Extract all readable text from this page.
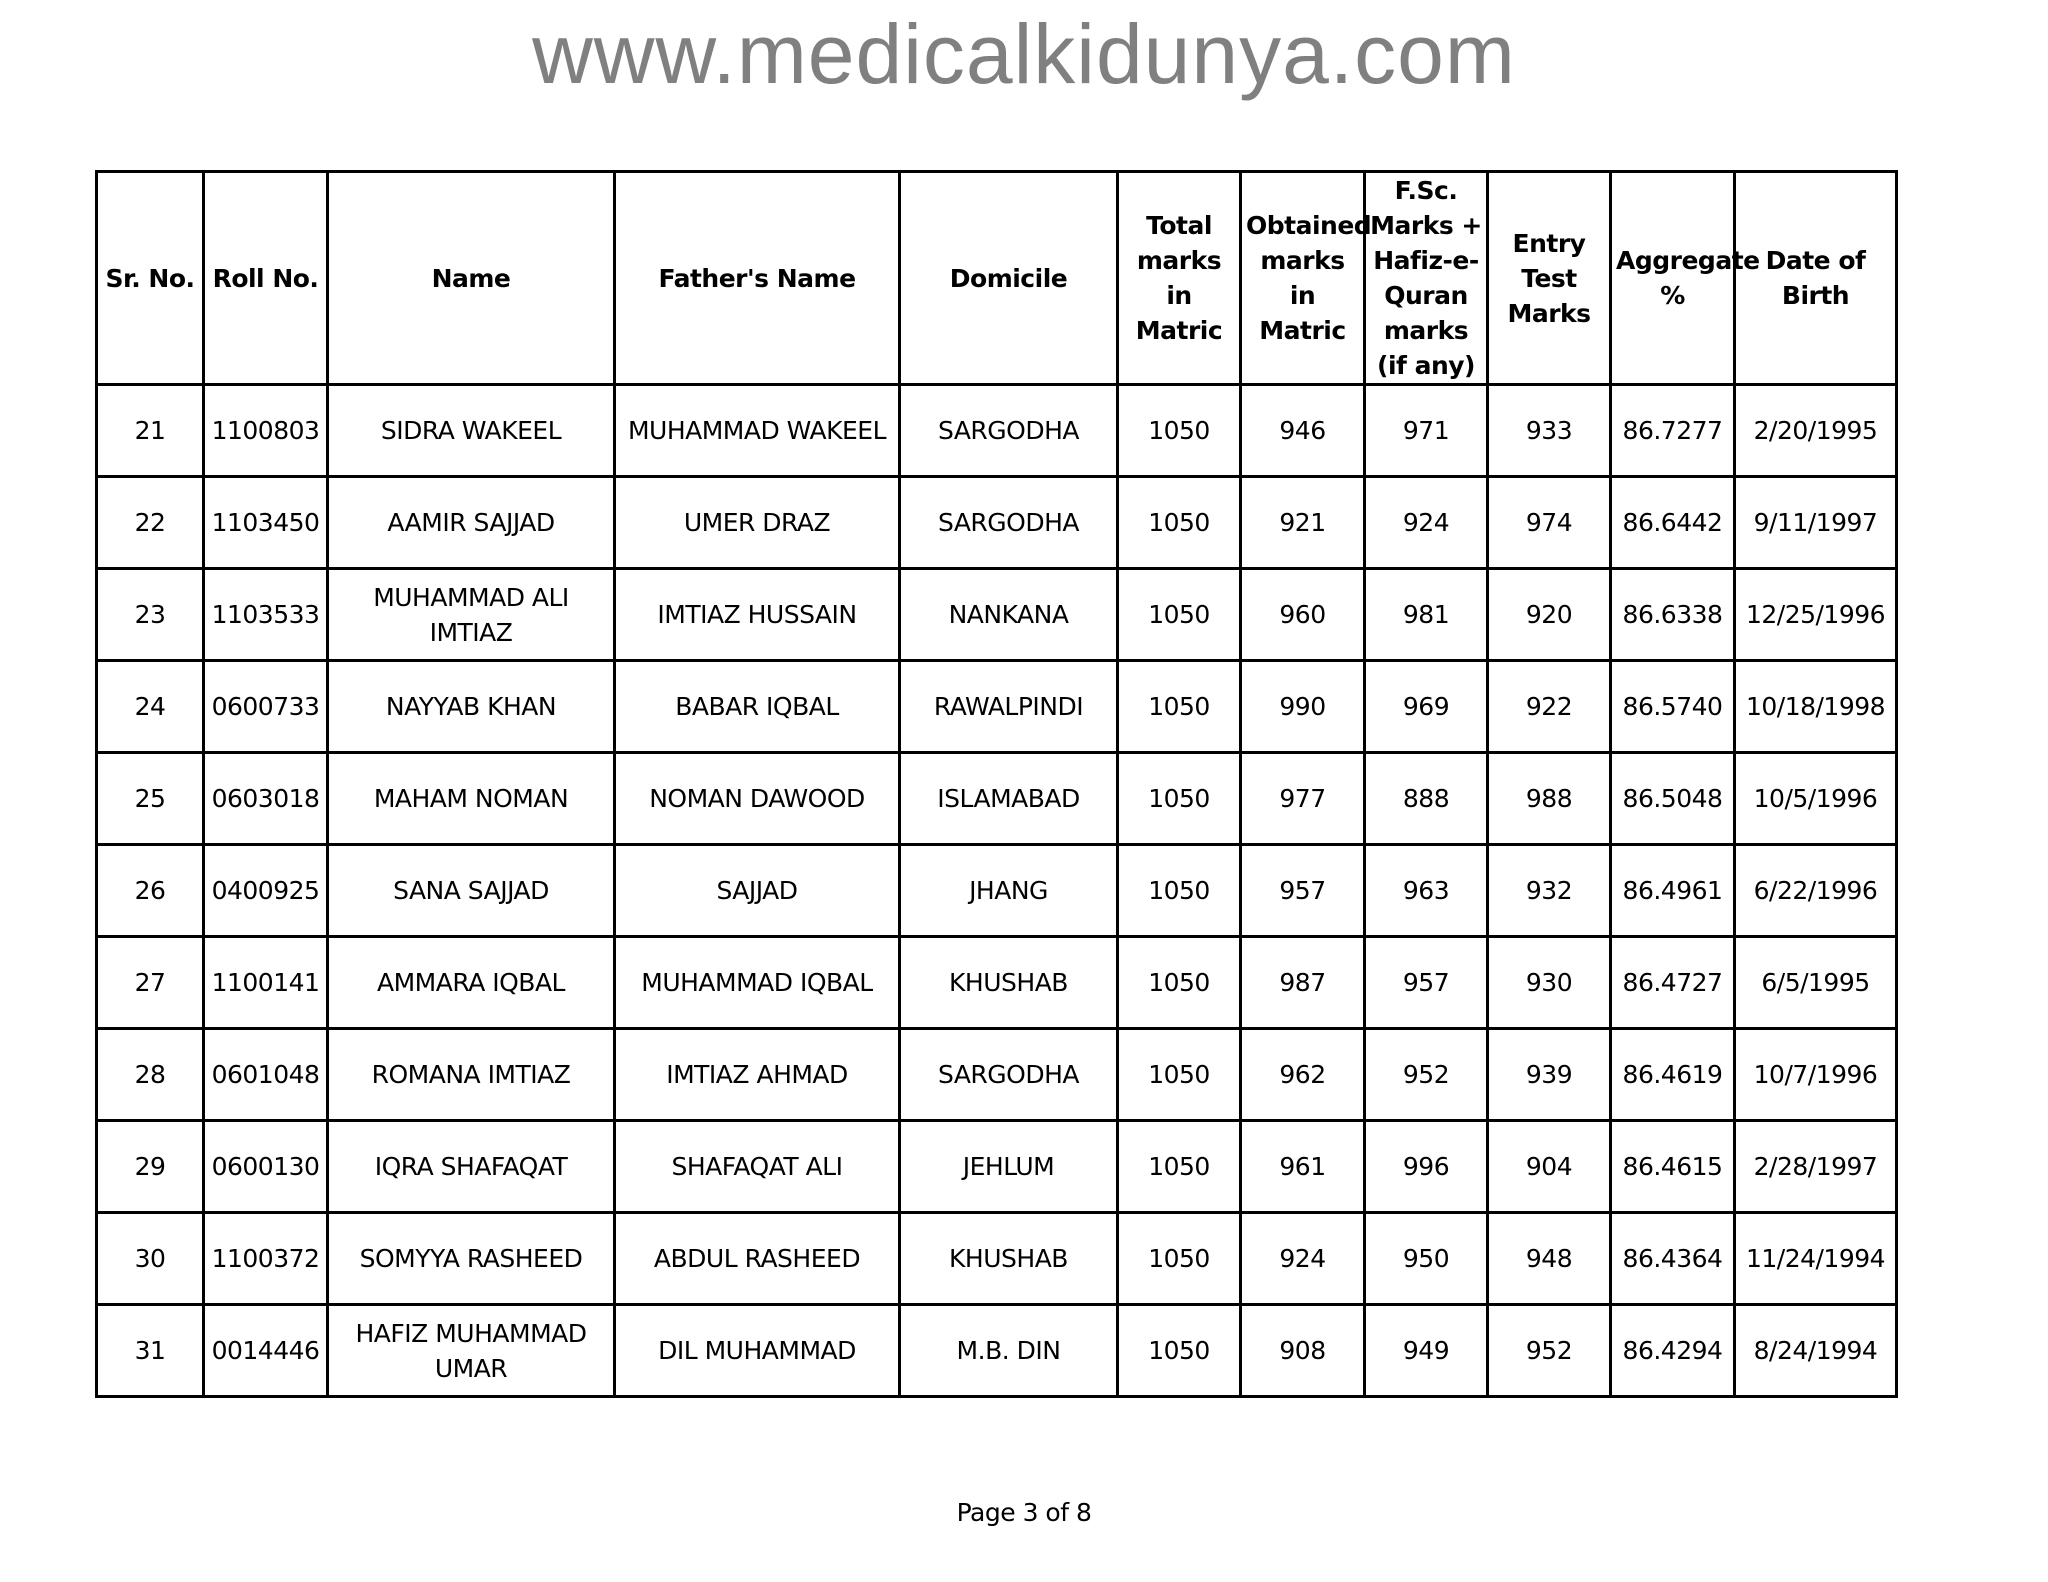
www.medicalkidunya.com
Sr. No.	Roll No.	Name	Father's Name	Domicile	Total marks in Matric	Obtained marks in Matric	F.Sc. Marks + Hafiz-e-Quran marks (if any)	Entry Test Marks	Aggregate %	Date of Birth
21	1100803	SIDRA WAKEEL	MUHAMMAD WAKEEL	SARGODHA	1050	946	971	933	86.7277	2/20/1995
22	1103450	AAMIR SAJJAD	UMER DRAZ	SARGODHA	1050	921	924	974	86.6442	9/11/1997
23	1103533	MUHAMMAD ALI IMTIAZ	IMTIAZ HUSSAIN	NANKANA	1050	960	981	920	86.6338	12/25/1996
24	0600733	NAYYAB KHAN	BABAR IQBAL	RAWALPINDI	1050	990	969	922	86.5740	10/18/1998
25	0603018	MAHAM NOMAN	NOMAN DAWOOD	ISLAMABAD	1050	977	888	988	86.5048	10/5/1996
26	0400925	SANA SAJJAD	SAJJAD	JHANG	1050	957	963	932	86.4961	6/22/1996
27	1100141	AMMARA IQBAL	MUHAMMAD IQBAL	KHUSHAB	1050	987	957	930	86.4727	6/5/1995
28	0601048	ROMANA IMTIAZ	IMTIAZ AHMAD	SARGODHA	1050	962	952	939	86.4619	10/7/1996
29	0600130	IQRA SHAFAQAT	SHAFAQAT ALI	JEHLUM	1050	961	996	904	86.4615	2/28/1997
30	1100372	SOMYYA RASHEED	ABDUL RASHEED	KHUSHAB	1050	924	950	948	86.4364	11/24/1994
31	0014446	HAFIZ MUHAMMAD UMAR	DIL MUHAMMAD	M.B. DIN	1050	908	949	952	86.4294	8/24/1994
Page 3 of 8
